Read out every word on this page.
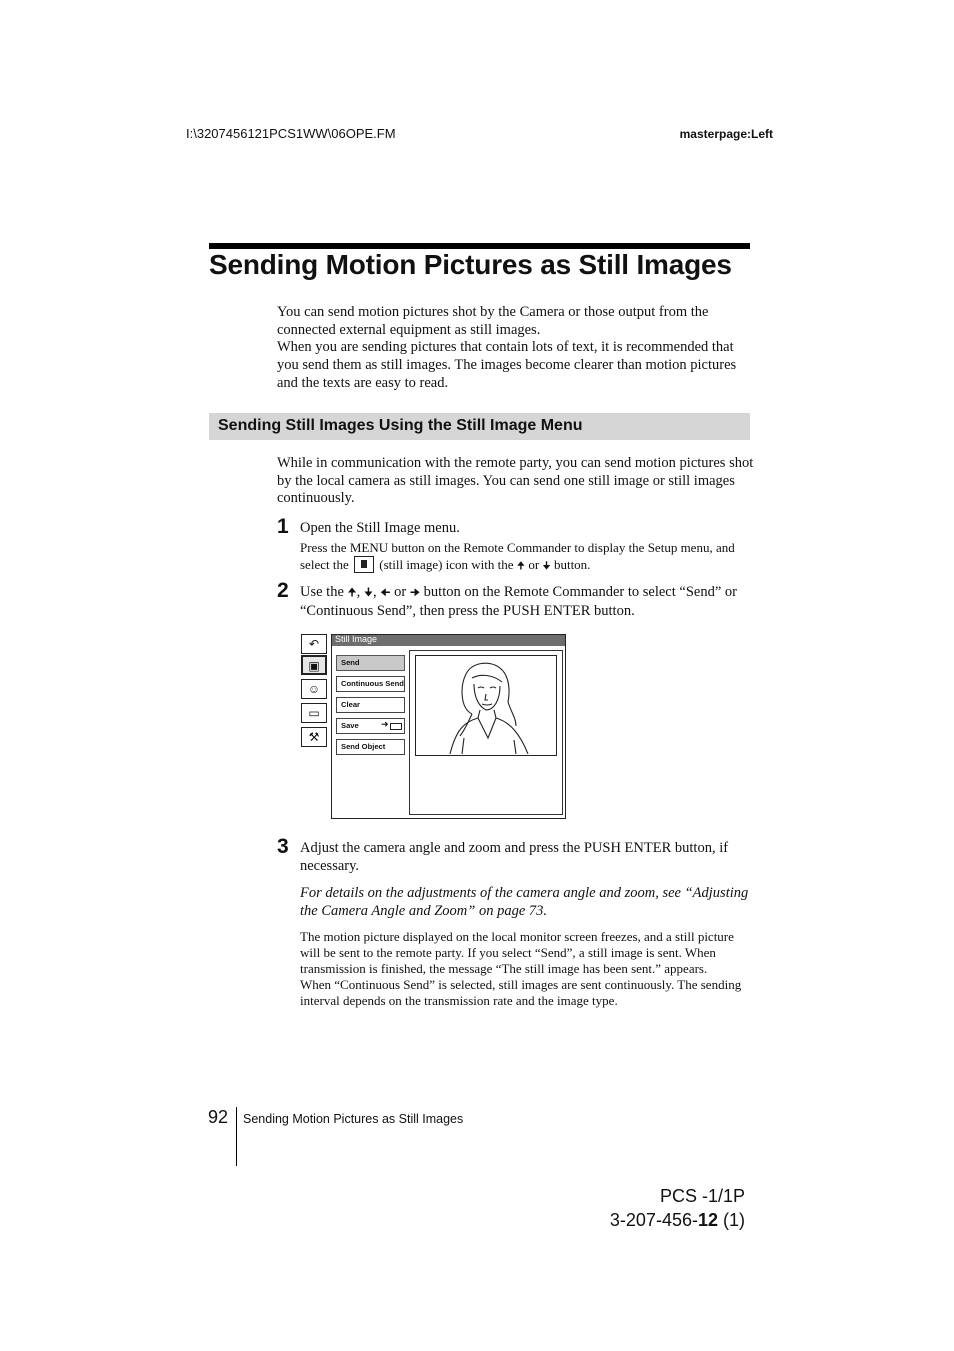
I:\3207456121PCS1WW\06OPE.FM	masterpage:Left
Sending Motion Pictures as Still Images
You can send motion pictures shot by the Camera or those output from the connected external equipment as still images.
When you are sending pictures that contain lots of text, it is recommended that you send them as still images. The images become clearer than motion pictures and the texts are easy to read.
Sending Still Images Using the Still Image Menu
While in communication with the remote party, you can send motion pictures shot by the local camera as still images. You can send one still image or still images continuously.
1 Open the Still Image menu.
Press the MENU button on the Remote Commander to display the Setup menu, and select the (still image) icon with the 🠉 or 🠋 button.
2 Use the 🠉, 🠋, 🠈 or 🠊 button on the Remote Commander to select “Send” or “Continuous Send”, then press the PUSH ENTER button.
↶
▣
☺
▭
⚒
Still Image
Send
Continuous Send
Clear
Save ➜
Send Object
3 Adjust the camera angle and zoom and press the PUSH ENTER button, if necessary.
For details on the adjustments of the camera angle and zoom, see “Adjusting the Camera Angle and Zoom” on page 73.
The motion picture displayed on the local monitor screen freezes, and a still picture will be sent to the remote party. If you select “Send”, a still image is sent. When transmission is finished, the message “The still image has been sent.” appears.
When “Continuous Send” is selected, still images are sent continuously. The sending interval depends on the transmission rate and the image type.
92 Sending Motion Pictures as Still Images
PCS -1/1P
3-207-456-12 (1)
